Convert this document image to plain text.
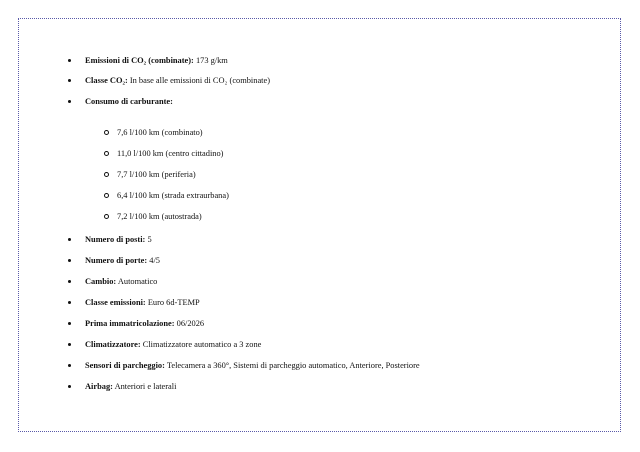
Emissioni di CO₂ (combinate): 173 g/km
Classe CO₂: In base alle emissioni di CO₂ (combinate)
Consumo di carburante:
7,6 l/100 km (combinato)
11,0 l/100 km (centro cittadino)
7,7 l/100 km (periferia)
6,4 l/100 km (strada extraurbana)
7,2 l/100 km (autostrada)
Numero di posti: 5
Numero di porte: 4/5
Cambio: Automatico
Classe emissioni: Euro 6d-TEMP
Prima immatricolazione: 06/2026
Climatizzatore: Climatizzatore automatico a 3 zone
Sensori di parcheggio: Telecamera a 360°, Sistemi di parcheggio automatico, Anteriore, Posteriore
Airbag: Anteriori e laterali
